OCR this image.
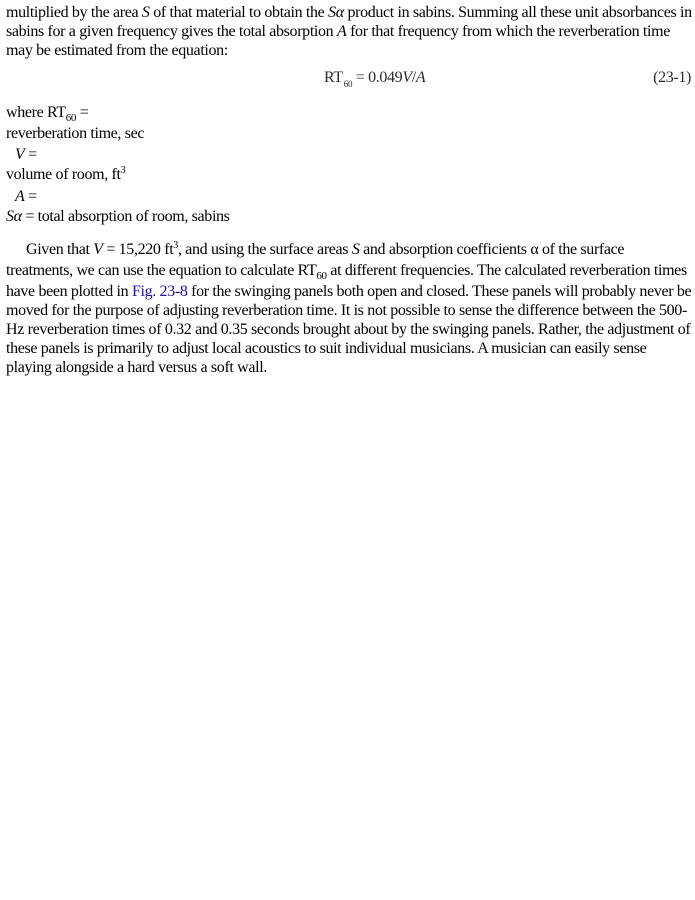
multiplied by the area S of that material to obtain the Sα product in sabins. Summing all these unit absorbances in sabins for a given frequency gives the total absorption A for that frequency from which the reverberation time may be estimated from the equation:

$RT_{60} = 0.049V/A$	(23-1)
where $RT_{60}$ =
reverberation time, sec
V =
volume of room, $ft^3$
A =
Sα = total absorption of room, sabins

Given that V = 15,220 $ft^3$, and using the surface areas S and absorption coefficients α of the surface treatments, we can use the equation to calculate $RT_{60}$ at different frequencies. The calculated reverberation times have been plotted in Fig. 23-8 for the swinging panels both open and closed. These panels will probably never be moved for the purpose of adjusting reverberation time. It is not possible to sense the difference between the 500-Hz reverberation times of 0.32 and 0.35 seconds brought about by the swinging panels. Rather, the adjustment of these panels is primarily to adjust local acoustics to suit individual musicians. A musician can easily sense playing alongside a hard versus a soft wall.
